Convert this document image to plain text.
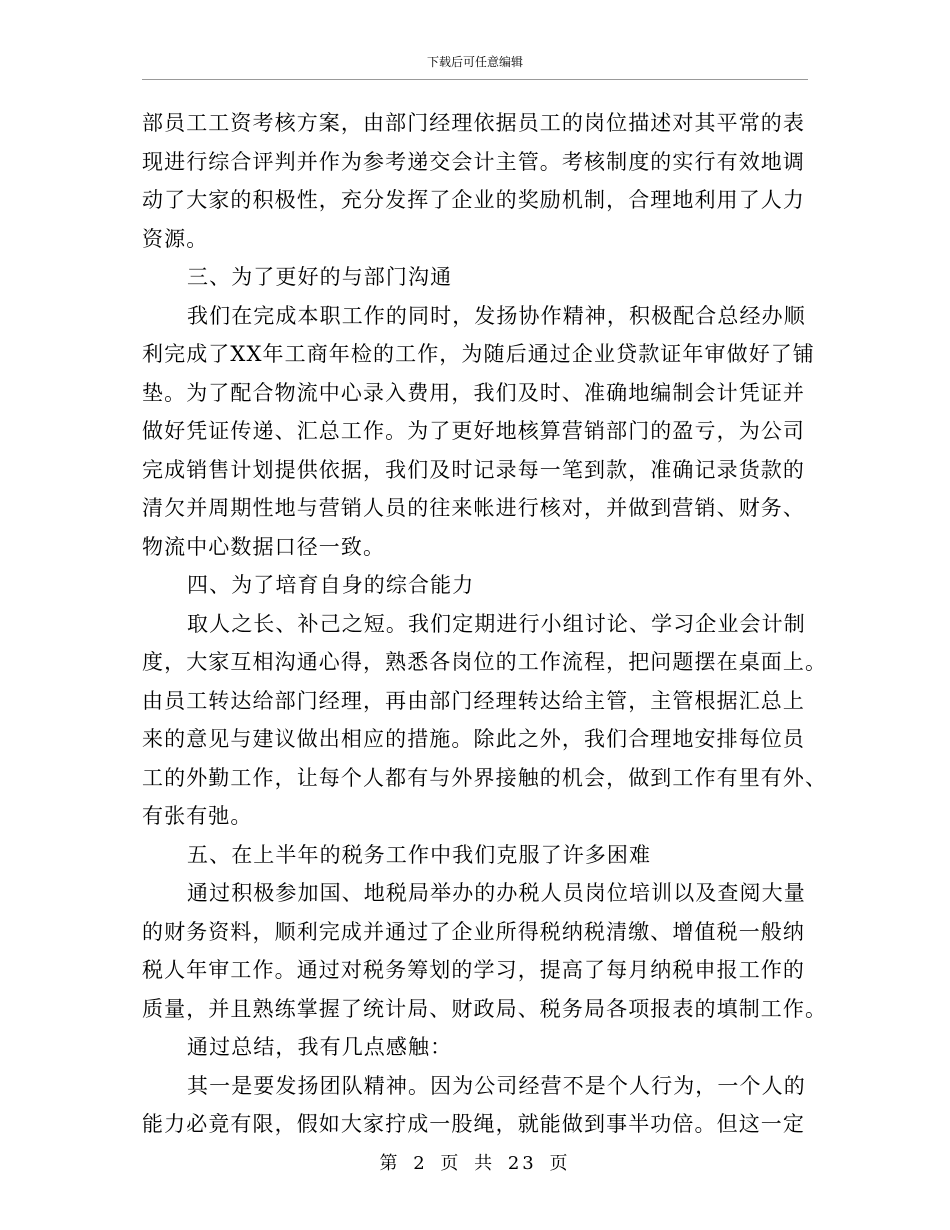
下载后可任意编辑
部员工工资考核方案，由部门经理依据员工的岗位描述对其平常的表
现进行综合评判并作为参考递交会计主管。考核制度的实行有效地调
动了大家的积极性，充分发挥了企业的奖励机制，合理地利用了人力
资源。
三、为了更好的与部门沟通
我们在完成本职工作的同时，发扬协作精神，积极配合总经办顺
利完成了XX年工商年检的工作，为随后通过企业贷款证年审做好了铺
垫。为了配合物流中心录入费用，我们及时、准确地编制会计凭证并
做好凭证传递、汇总工作。为了更好地核算营销部门的盈亏，为公司
完成销售计划提供依据，我们及时记录每一笔到款，准确记录货款的
清欠并周期性地与营销人员的往来帐进行核对，并做到营销、财务、
物流中心数据口径一致。
四、为了培育自身的综合能力
取人之长、补己之短。我们定期进行小组讨论、学习企业会计制
度，大家互相沟通心得，熟悉各岗位的工作流程，把问题摆在桌面上。
由员工转达给部门经理，再由部门经理转达给主管，主管根据汇总上
来的意见与建议做出相应的措施。除此之外，我们合理地安排每位员
工的外勤工作，让每个人都有与外界接触的机会，做到工作有里有外、
有张有弛。
五、在上半年的税务工作中我们克服了许多困难
通过积极参加国、地税局举办的办税人员岗位培训以及查阅大量
的财务资料，顺利完成并通过了企业所得税纳税清缴、增值税一般纳
税人年审工作。通过对税务筹划的学习，提高了每月纳税申报工作的
质量，并且熟练掌握了统计局、财政局、税务局各项报表的填制工作。
通过总结，我有几点感触：
其一是要发扬团队精神。因为公司经营不是个人行为，一个人的
能力必竟有限，假如大家拧成一股绳，就能做到事半功倍。但这一定
第 2 页 共 23 页
